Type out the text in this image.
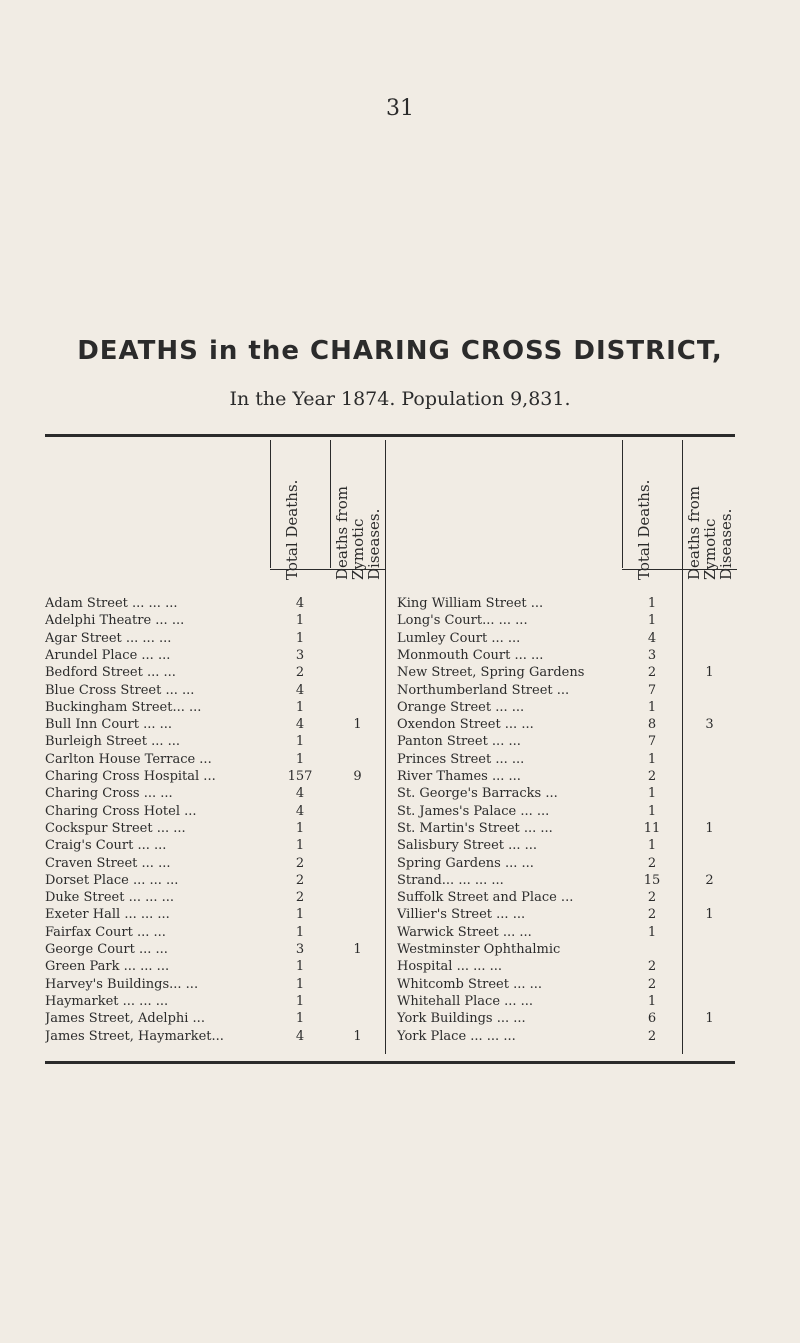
31
DEATHS in the CHARING CROSS DISTRICT,
In the Year 1874. Population 9,831.
Total Deaths.	Deaths from
Zymotic
Diseases.	Total Deaths.	Deaths from
Zymotic
Diseases.
Adam Street ... ... ...	4	King William Street ...	1
Adelphi Theatre ... ...	1	Long's Court... ... ...	1
Agar Street ... ... ...	1	Lumley Court ... ...	4
Arundel Place ... ...	3	Monmouth Court ... ...	3
Bedford Street ... ...	2	New Street, Spring Gardens	2	1
Blue Cross Street ... ...	4	Northumberland Street ...	7
Buckingham Street... ...	1	Orange Street ... ...	1
Bull Inn Court ... ...	4	1	Oxendon Street ... ...	8	3
Burleigh Street ... ...	1	Panton Street ... ...	7
Carlton House Terrace ...	1	Princes Street ... ...	1
Charing Cross Hospital ...	157	9	River Thames ... ...	2
Charing Cross ... ...	4	St. George's Barracks ...	1
Charing Cross Hotel ...	4	St. James's Palace ... ...	1
Cockspur Street ... ...	1	St. Martin's Street ... ...	11	1
Craig's Court ... ...	1	Salisbury Street ... ...	1
Craven Street ... ...	2	Spring Gardens ... ...	2
Dorset Place ... ... ...	2	Strand... ... ... ...	15	2
Duke Street ... ... ...	2	Suffolk Street and Place ...	2
Exeter Hall ... ... ...	1	Villier's Street ... ...	2	1
Fairfax Court ... ...	1	Warwick Street ... ...	1
George Court ... ...	3	1	Westminster Ophthalmic
Green Park ... ... ...	1	Hospital ... ... ...	2
Harvey's Buildings... ...	1	Whitcomb Street ... ...	2
Haymarket ... ... ...	1	Whitehall Place ... ...	1
James Street, Adelphi ...	1	York Buildings ... ...	6	1
James Street, Haymarket...	4	1	York Place ... ... ...	2
